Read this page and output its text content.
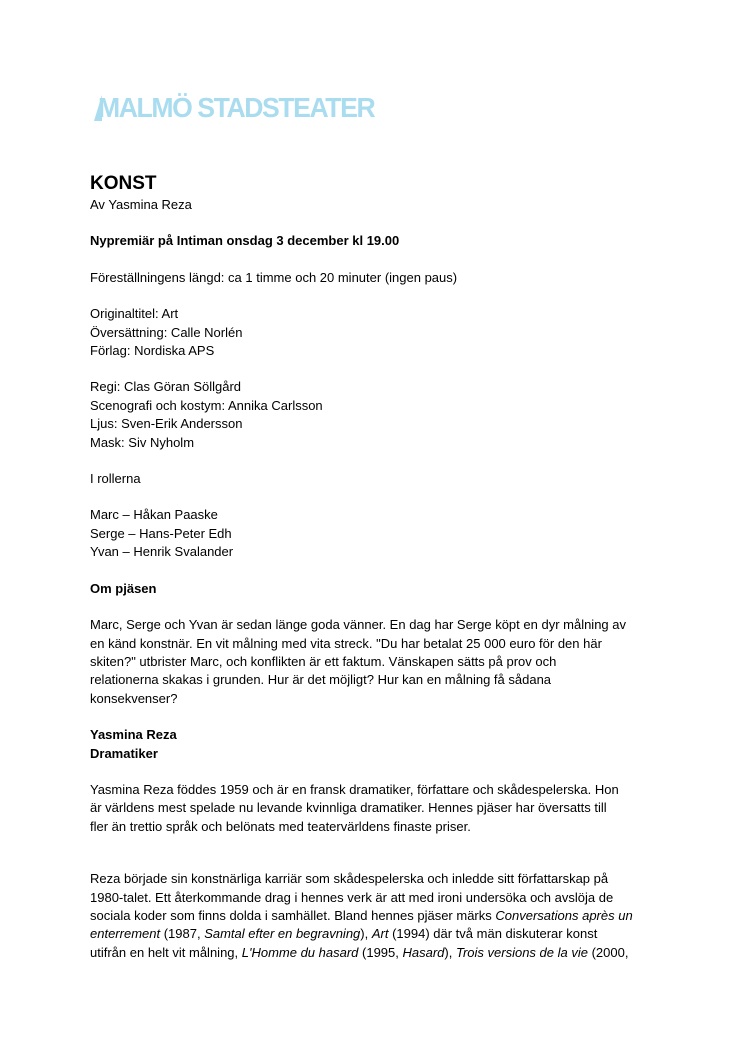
MALMÖ STADSTEATER
KONST

Av Yasmina Reza

Nypremiär på Intiman onsdag 3 december kl 19.00

Föreställningens längd: ca 1 timme och 20 minuter (ingen paus)

Originaltitel: Art

Översättning: Calle Norlén

Förlag: Nordiska APS

Regi: Clas Göran Söllgård

Scenografi och kostym: Annika Carlsson

Ljus: Sven-Erik Andersson

Mask: Siv Nyholm

I rollerna

Marc – Håkan Paaske

Serge – Hans-Peter Edh

Yvan – Henrik Svalander

Om pjäsen

Marc, Serge och Yvan är sedan länge goda vänner. En dag har Serge köpt en dyr målning av

en känd konstnär. En vit målning med vita streck. "Du har betalat 25 000 euro för den här

skiten?" utbrister Marc, och konflikten är ett faktum. Vänskapen sätts på prov och

relationerna skakas i grunden. Hur är det möjligt? Hur kan en målning få sådana

konsekvenser?

Yasmina Reza

Dramatiker

Yasmina Reza föddes 1959 och är en fransk dramatiker, författare och skådespelerska. Hon

är världens mest spelade nu levande kvinnliga dramatiker. Hennes pjäser har översatts till

fler än trettio språk och belönats med teatervärldens finaste priser.

Reza började sin konstnärliga karriär som skådespelerska och inledde sitt författarskap på

1980-talet. Ett återkommande drag i hennes verk är att med ironi undersöka och avslöja de

sociala koder som finns dolda i samhället. Bland hennes pjäser märks Conversations après un

enterrement (1987, Samtal efter en begravning), Art (1994) där två män diskuterar konst

utifrån en helt vit målning, L'Homme du hasard (1995, Hasard), Trois versions de la vie (2000,
